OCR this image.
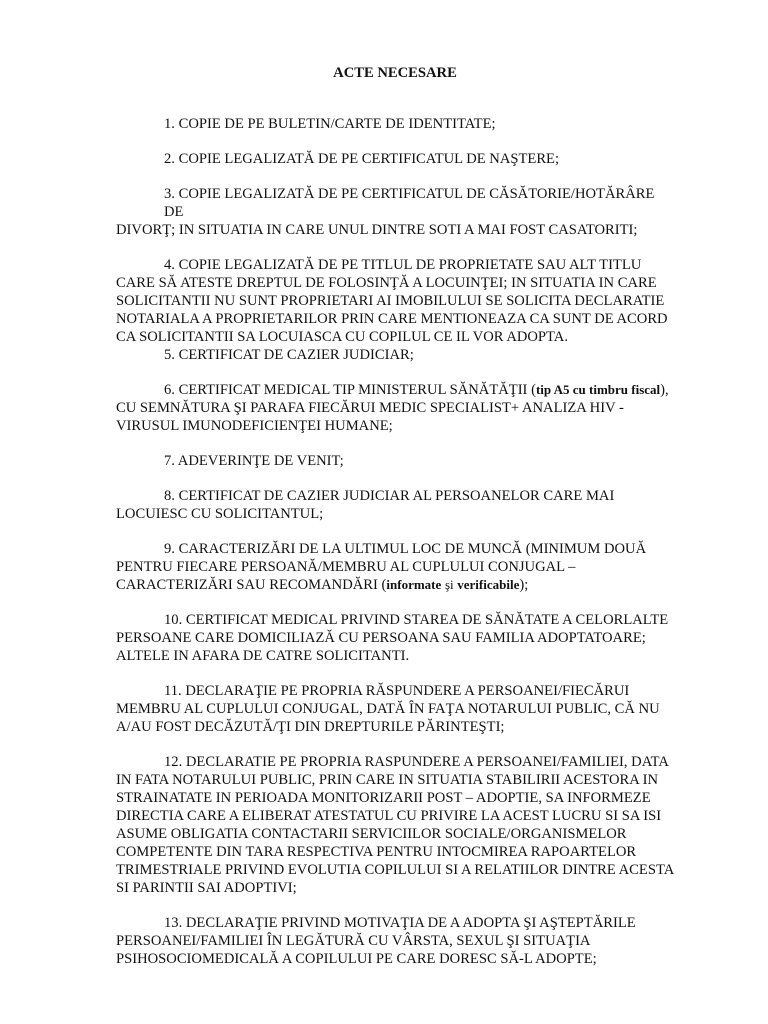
ACTE NECESARE
1. COPIE DE PE BULETIN/CARTE DE IDENTITATE;
2. COPIE LEGALIZATĂ DE PE CERTIFICATUL DE NAŞTERE;
3. COPIE LEGALIZATĂ DE PE CERTIFICATUL DE CĂSĂTORIE/HOTĂRÂRE
DE
DIVORŢ; IN SITUATIA IN CARE UNUL DINTRE SOTI A MAI FOST CASATORITI;
4. COPIE LEGALIZATĂ DE PE TITLUL DE PROPRIETATE SAU ALT TITLU CARE SĂ ATESTE DREPTUL DE FOLOSINŢĂ A LOCUINŢEI; IN SITUATIA IN CARE SOLICITANTII NU SUNT PROPRIETARI AI IMOBILULUI SE SOLICITA DECLARATIE NOTARIALA A PROPRIETARILOR PRIN CARE MENTIONEAZA CA SUNT DE ACORD CA SOLICITANTII SA LOCUIASCA CU COPILUL CE IL VOR ADOPTA.
5. CERTIFICAT DE CAZIER JUDICIAR;
6. CERTIFICAT MEDICAL TIP MINISTERUL SĂNĂTĂŢII (tip A5 cu timbru fiscal), CU SEMNĂTURA ŞI PARAFA FIECĂRUI MEDIC SPECIALIST+ ANALIZA HIV - VIRUSUL IMUNODEFICIENŢEI HUMANE;
7. ADEVERINŢE DE VENIT;
8. CERTIFICAT DE CAZIER JUDICIAR AL PERSOANELOR CARE MAI LOCUIESC CU SOLICITANTUL;
9. CARACTERIZĂRI DE LA ULTIMUL LOC DE MUNCĂ (MINIMUM DOUĂ PENTRU FIECARE PERSOANĂ/MEMBRU AL CUPLULUI CONJUGAL – CARACTERIZĂRI SAU RECOMANDĂRI (informate şi verificabile);
10. CERTIFICAT MEDICAL PRIVIND STAREA DE SĂNĂTATE A CELORLALTE PERSOANE CARE DOMICILIAZĂ CU PERSOANA SAU FAMILIA ADOPTATOARE; ALTELE IN AFARA DE CATRE SOLICITANTI.
11. DECLARAŢIE PE PROPRIA RĂSPUNDERE A PERSOANEI/FIECĂRUI MEMBRU AL CUPLULUI CONJUGAL, DATĂ ÎN FAŢA NOTARULUI PUBLIC, CĂ NU A/AU FOST DECĂZUTĂ/ŢI DIN DREPTURILE PĂRINTEŞTI;
12. DECLARATIE PE PROPRIA RASPUNDERE A PERSOANEI/FAMILIEI, DATA IN FATA NOTARULUI PUBLIC, PRIN CARE IN SITUATIA STABILIRII ACESTORA IN STRAINATATE IN PERIOADA MONITORIZARII POST – ADOPTIE, SA INFORMEZE DIRECTIA CARE A ELIBERAT ATESTATUL CU PRIVIRE LA ACEST LUCRU SI SA ISI ASUME OBLIGATIA CONTACTARII SERVICIILOR SOCIALE/ORGANISMELOR COMPETENTE DIN TARA RESPECTIVA PENTRU INTOCMIREA RAPOARTELOR TRIMESTRIALE PRIVIND EVOLUTIA COPILULUI SI A RELATIILOR DINTRE ACESTA SI PARINTII SAI ADOPTIVI;
13. DECLARAŢIE PRIVIND MOTIVAŢIA DE A ADOPTA ŞI AŞTEPTĂRILE PERSOANEI/FAMILIEI ÎN LEGĂTURĂ CU VÂRSTA, SEXUL ŞI SITUAŢIA PSIHOSOCIOMEDICALĂ A COPILULUI PE CARE DORESC SĂ-L ADOPTE;
